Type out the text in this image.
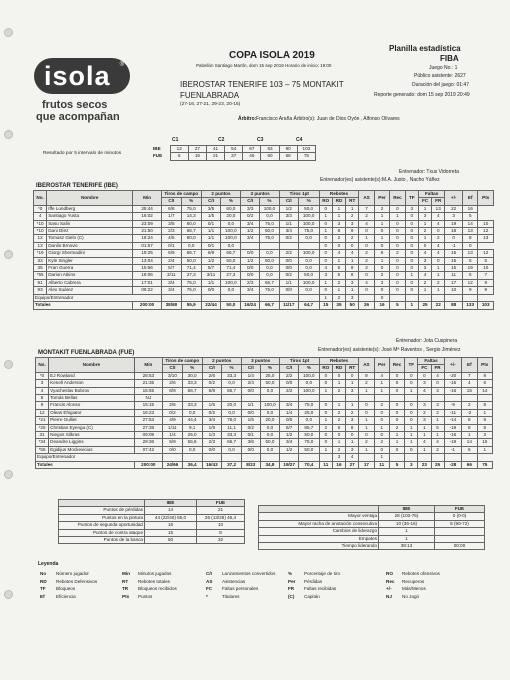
isola ®
frutos secos
que acompañan
COPA ISOLA 2019
Pabellón Santiago Martín, dom 15 sep 2019 Horario de inicio: 19:00
IBEROSTAR TENERIFE 103 – 75 MONTAKIT
FUENLABRADA
(27-16, 27-21, 29-23, 20-15)
Árbitro: Francisco Araña Árbitro(s): Juan de Dios Oyón , Alfonso Olivares
Planilla estadística
FIBA
Juego No.: 1
Público asistente: 2627
Duración del juego: 01:47
Reporte generado: dom 15 sep 2019 20:49
Resultado por 5 intervalo de minutos
C1	C2	C3	C4
IBE	12	27	41	54	67	83	90	103
FUE	6	16	21	37	46	60	68	75
Entrenador: Txus Vidorreta
IBEROSTAR TENERIFE (IBE)
Entrenador(es) asistente(s):M.A. Justo , Nacho Yáñez
No.	Nombre	Min	Tiros de campo		2 puntos		3 puntos		Tiros 1pt		Rebotes			AS	Per	Rec	TF	Faltas		+/-	Ef	Pts
			C/I	%	C/I	%	C/I	%	C/I	%	RO	RD	RT					FC	FR			
*0	Iffe Lundberg	25:44	6/8	75,0	3/5	60,0	3/3	100,0	1/2	50,0	0	1	1	7	2	0	3	1	13	22	16	
4	Santiago Yusta	16:02	1/7	14,3	1/5	20,0	0/2	0,0	3/3	100,0	1	1	2	2	1	1	0	3	4	3	5	
*10	Sasu Salin	23:09	3/5	60,0	0/1	0,0	3/4	75,0	1/1	100,0	0	3	3	4	1	0	0	1	4	19	14	10
*10	Dani Díez	21:50	2/3	66,7	1/1	100,0	1/2	50,0	3/4	75,0	1	8	9	0	0	0	0	2	0	18	13	12
12	Tomasz Gielo (C)	18:24	4/5	80,0	1/1	100,0	3/4	75,0	0/2	0,0	0	2	2	1	1	0	0	1	2	0	8	13
13	Danilo Brnovic	01:57	0/1	0,0	0/1	0,0					0	0	0	0	0	0	0	0	4	-1	0	
*19	Giorgi Shermadini	19:25	6/9	66,7	6/9	66,7	0/0	0,0	2/2	100,0	0	4	4	2	6	2	0	4	4	15	13	12
33	Kyle Singler	13:04	2/4	50,0	1/2	50,0	1/2	50,0	0/0	0,0	0	1	1	2	1	0	0	3	0	15	5	5
35	Fran Guerra	15:56	5/7	71,4	5/7	71,4	0/0	0,0	0/0	0,0	4	5	9	2	0	0	0	3	1	15	19	10
*55	Darion Atkins	18:06	3/11	27,3	3/11	27,3	0/0	0,0	0/2	50,0	3	5	8	0	2	0	1	4	1	11	5	7
91	Alberto Cabrera	17:01	3/4	75,0	1/1	100,0	2/3	66,7	1/1	100,0	1	2	3	4	3	0	0	2	2	17	12	9
93	Alex Suárez	09:22	3/4	75,0	0/0	0,0	3/4	75,0	0/0	0,0	0	1	1	0	0	0	0	1	1	10	9	9
Equipo/Entrenador											1	2	3		0							
Totales		200:00	38/68	55,9	22/44	50,0	16/24	66,7	11/17	64,7	15	35	50	26	16	5	1	25	22	88	133	103
Entrenador: Jota Cuspinera
MONTAKIT FUENLABRADA (FUE)	Entrenador(es) asistente(s): José Mª Raventos , Sergio Jiménez
No.	Nombre	Min	Tiros de campo		2 puntos		3 puntos		Tiros 1pt		Rebotes			AS	Per	Rec	TF	Faltas		+/-	Ef	Pts
			C/I	%	C/I	%	C/I	%	C/I	%	RO	RD	RT					FC	FR			
*0	EJ Rowland	28:53	3/10	30,0	2/6	33,3	1/4	25,0	2/2	100,0	0	0	0	9	4	0	0	0	4	-20	7	9
3	Kenell Anderson	21:36	2/6	33,3	0/2	0,0	2/4	50,0	0/0	0,0	0	1	1	2	1	0	0	3	0	-15	4	6
4	Vyacheslav Bobrov	15:55	6/9	66,7	6/9	66,7	0/0	0,0	2/2	100,0	1	2	3	1	1	0	1	4	3	-16	15	14
5	Tomás Bellas	NJ																				
9	Francis Alonso	15:15	2/6	33,3	1/5	20,0	1/1	100,0	3/4	75,0	0	1	1	0	2	0	0	3	3	-9	2	8
12	Oleas Ehigiator	16:23	0/2	0,0	0/2	0,0	0/0	0,0	1/4	25,0	0	2	2	0	0	0	0	2	2	-11	-2	1
*21	Pierre Oulliet	27:53	4/9	44,4	3/4	75,0	1/5	20,0	0/0	0,0	1	2	3	1	0	0	0	3	1	-14	8	9
*25	Christian Eyenga (C)	27:38	1/11	9,1	1/9	11,1	0/2	0,0	6/7	85,7	2	6	8	1	1	2	1	1	5	-19	8	8
31	Niegos Silkras	09:09	1/4	25,0	1/3	33,3	0/1	0,0	1/2	50,0	0	0	0	0	0	1	1	1	1	-16	1	3
*34	Deandre Liggins	29:36	5/9	55,6	2/3	66,7	3/6	50,0	3/4	75,0	0	1	1	2	2	1	1	4	4	-19	14	16
*55	Egidijus Mockevicius	07:42	0/0	0,0	0/0	0,0	0/0	0,0	1/2	50,0	1	2	3	1	0	0	0	1	2	-1	6	1
Equipo/Entrenador												3	4		1							
Totales		200:00	24/66	36,4	16/43	37,2	8/23	34,8	19/27	70,4	11	16	27	17	11	5	3	23	25	-28	66	75
	IBE	FUE
Puntos de pérdidas	14	21
Puntos en la pintura	44 (22/40) 55,0	26 (13/28) 46,4
Puntos de segunda oportunidad	16	10
Puntos de contra ataque	15	8
Puntos de la banca	50	32
	IBE	FUE
Mayor ventaja	28 (103-75)	0 (0-0)
Mayor racha de anotación consecutiva	10 (36-16)	8 (90-72)
Cambios de liderazgo	1	
Empates	1	
Tiempo liderando	39:13	00:00
Leyenda
No Número jugador
RD Rebotes Defensivos
TF Bloqueos
Ef Eficiencia
Min Minutos jugados
RT Rebotes totales
TR Bloqueos recibidos
Pts Puntos
C/I Lanzamientos convertidos
AS Asistencias
FC Faltas personales
*	Titulares
%	Porcentaje de tiro
Per Pérdidas
FR Faltas recibidas
(C) Capitán
RO Rebotes ofensivos
Rec Recuperos
+/- Más/Menos
NJ No Jugó
